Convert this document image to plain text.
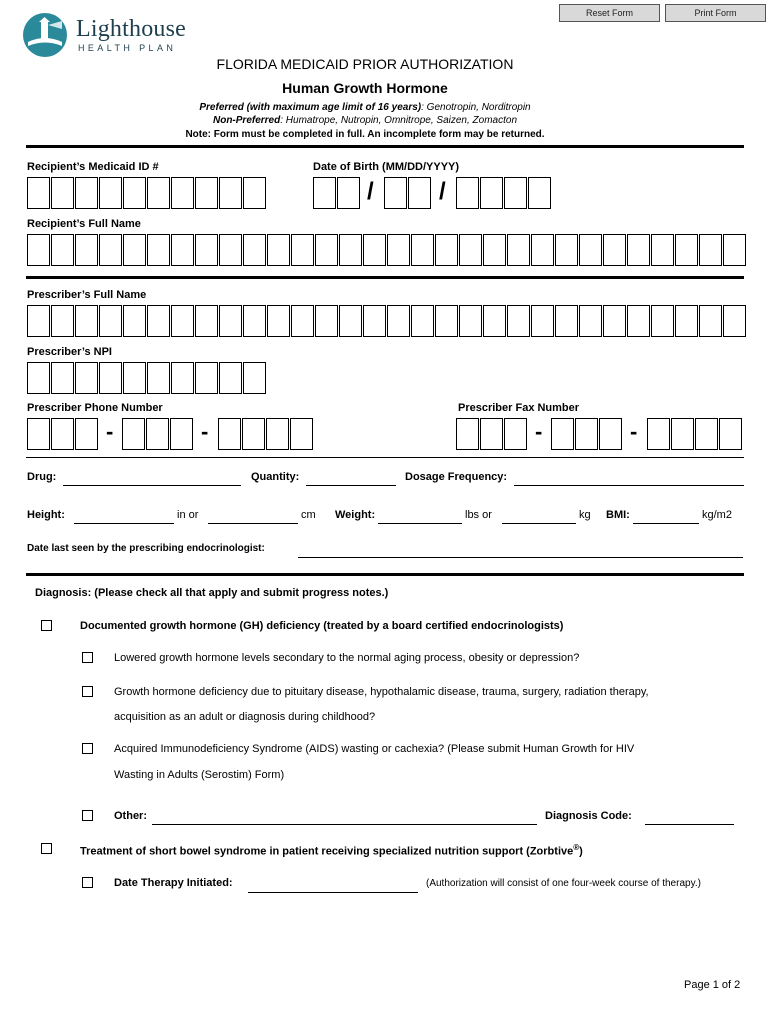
Reset Form	Print Form
Lighthouse
HEALTH PLAN
FLORIDA MEDICAID PRIOR AUTHORIZATION
Human Growth Hormone
Preferred (with maximum age limit of 16 years): Genotropin, Norditropin
Non-Preferred: Humatrope, Nutropin, Omnitrope, Saizen, Zomacton
Note: Form must be completed in full. An incomplete form may be returned.
Recipient’s Medicaid ID #	Date of Birth (MM/DD/YYYY)
/	/
Recipient’s Full Name
Prescriber’s Full Name
Prescriber’s NPI
Prescriber Phone Number	Prescriber Fax Number
-	-	-	-
Drug:	Quantity:	Dosage Frequency:
Height:	in or	cm Weight:	lbs or	kg BMI:	kg/m2
Date last seen by the prescribing endocrinologist:
Diagnosis: (Please check all that apply and submit progress notes.)
Documented growth hormone (GH) deficiency (treated by a board certified endocrinologists)
Lowered growth hormone levels secondary to the normal aging process, obesity or depression?
Growth hormone deficiency due to pituitary disease, hypothalamic disease, trauma, surgery, radiation therapy,
acquisition as an adult or diagnosis during childhood?
Acquired Immunodeficiency Syndrome (AIDS) wasting or cachexia? (Please submit Human Growth for HIV
Wasting in Adults (Serostim) Form)
Other:	Diagnosis Code:
Treatment of short bowel syndrome in patient receiving specialized nutrition support (Zorbtive®)
Date Therapy Initiated:	(Authorization will consist of one four-week course of therapy.)
Page 1 of 2
